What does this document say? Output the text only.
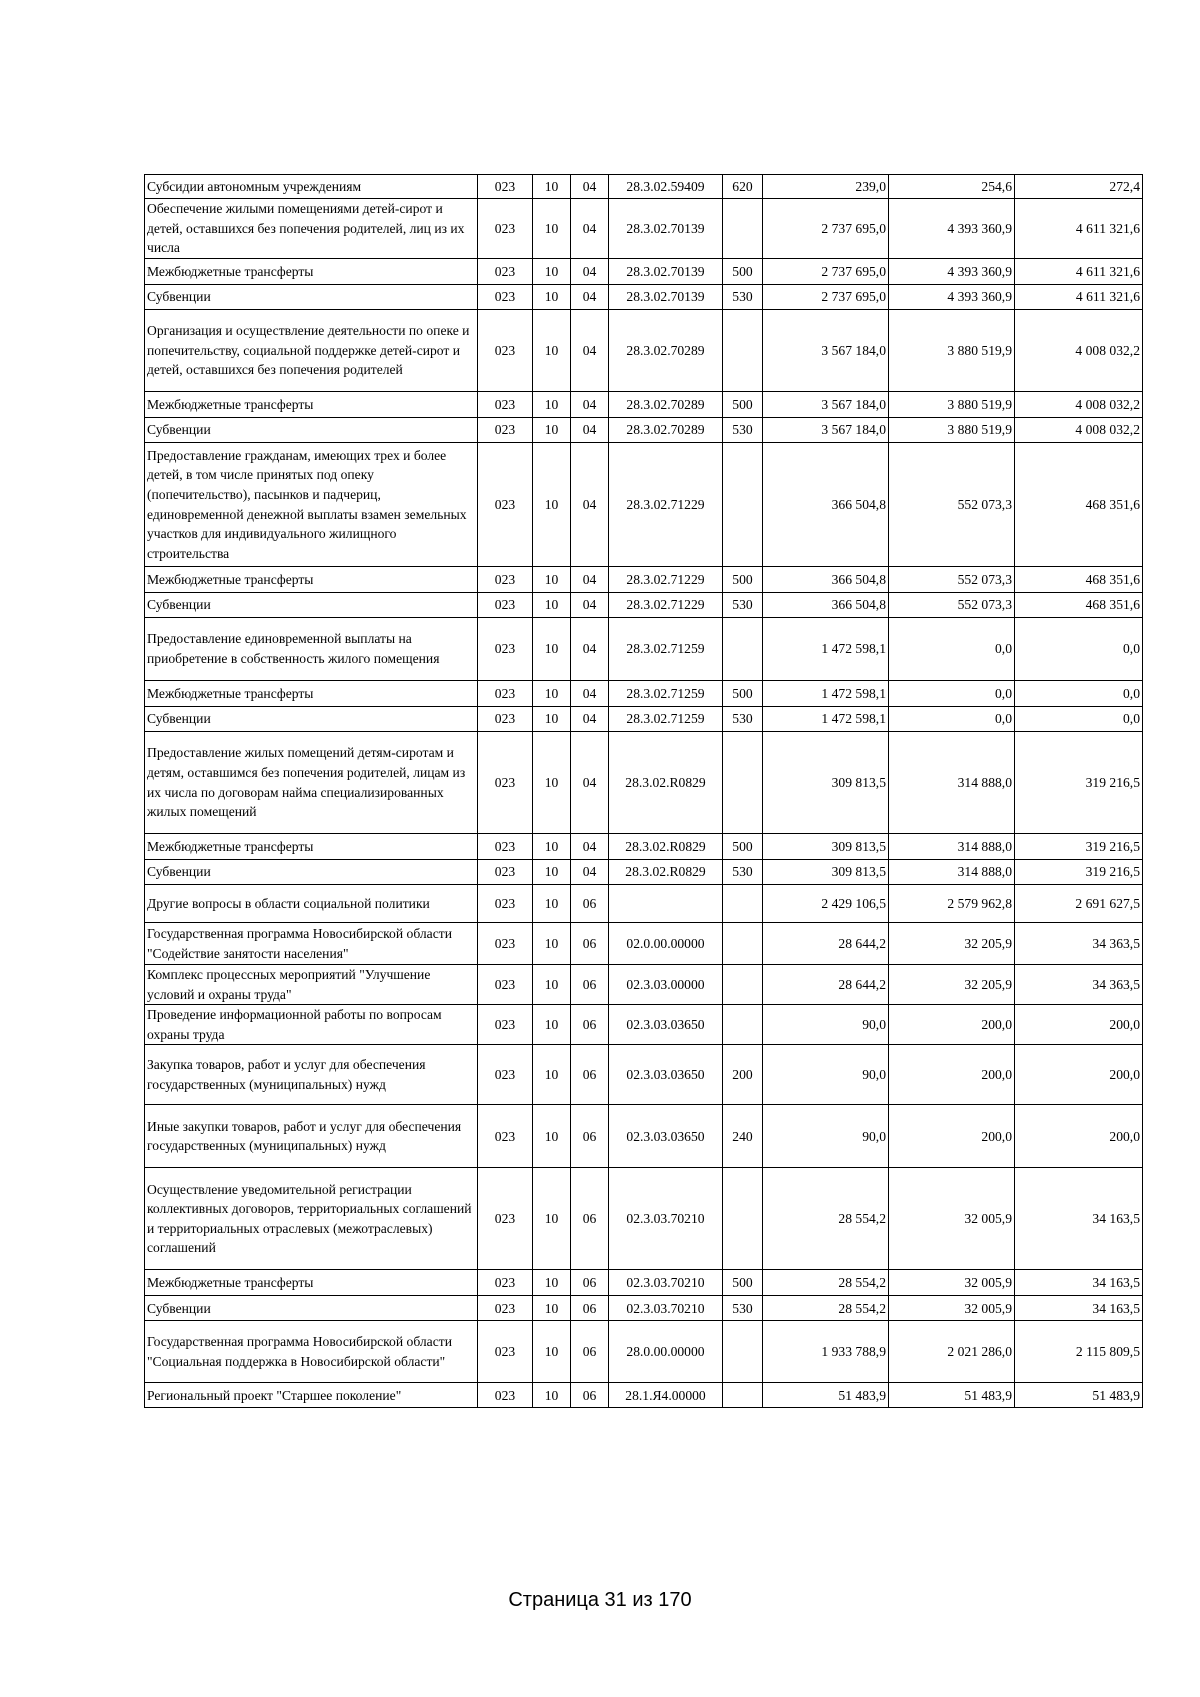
Субсидии автономным учреждениям	023	10	04	28.3.02.59409	620	239,0	254,6	272,4
Обеспечение жилыми помещениями детей-сирот и детей, оставшихся без попечения родителей, лиц из их числа	023	10	04	28.3.02.70139		2 737 695,0	4 393 360,9	4 611 321,6
Межбюджетные трансферты	023	10	04	28.3.02.70139	500	2 737 695,0	4 393 360,9	4 611 321,6
Субвенции	023	10	04	28.3.02.70139	530	2 737 695,0	4 393 360,9	4 611 321,6
Организация и осуществление деятельности по опеке и попечительству, социальной поддержке детей-сирот и детей, оставшихся без попечения родителей	023	10	04	28.3.02.70289		3 567 184,0	3 880 519,9	4 008 032,2
Межбюджетные трансферты	023	10	04	28.3.02.70289	500	3 567 184,0	3 880 519,9	4 008 032,2
Субвенции	023	10	04	28.3.02.70289	530	3 567 184,0	3 880 519,9	4 008 032,2
Предоставление гражданам, имеющих трех и более детей, в том числе принятых под опеку (попечительство), пасынков и падчериц, единовременной денежной выплаты взамен земельных участков для индивидуального жилищного строительства	023	10	04	28.3.02.71229		366 504,8	552 073,3	468 351,6
Межбюджетные трансферты	023	10	04	28.3.02.71229	500	366 504,8	552 073,3	468 351,6
Субвенции	023	10	04	28.3.02.71229	530	366 504,8	552 073,3	468 351,6
Предоставление единовременной выплаты на приобретение в собственность жилого помещения	023	10	04	28.3.02.71259		1 472 598,1	0,0	0,0
Межбюджетные трансферты	023	10	04	28.3.02.71259	500	1 472 598,1	0,0	0,0
Субвенции	023	10	04	28.3.02.71259	530	1 472 598,1	0,0	0,0
Предоставление жилых помещений детям-сиротам и детям, оставшимся без попечения родителей, лицам из их числа по договорам найма специализированных жилых помещений	023	10	04	28.3.02.R0829		309 813,5	314 888,0	319 216,5
Межбюджетные трансферты	023	10	04	28.3.02.R0829	500	309 813,5	314 888,0	319 216,5
Субвенции	023	10	04	28.3.02.R0829	530	309 813,5	314 888,0	319 216,5
Другие вопросы в области социальной политики	023	10	06			2 429 106,5	2 579 962,8	2 691 627,5
Государственная программа Новосибирской области "Содействие занятости населения"	023	10	06	02.0.00.00000		28 644,2	32 205,9	34 363,5
Комплекс процессных мероприятий "Улучшение условий и охраны труда"	023	10	06	02.3.03.00000		28 644,2	32 205,9	34 363,5
Проведение информационной работы по вопросам охраны труда	023	10	06	02.3.03.03650		90,0	200,0	200,0
Закупка товаров, работ и услуг для обеспечения государственных (муниципальных) нужд	023	10	06	02.3.03.03650	200	90,0	200,0	200,0
Иные закупки товаров, работ и услуг для обеспечения государственных (муниципальных) нужд	023	10	06	02.3.03.03650	240	90,0	200,0	200,0
Осуществление уведомительной регистрации коллективных договоров, территориальных соглашений и территориальных отраслевых (межотраслевых) соглашений	023	10	06	02.3.03.70210		28 554,2	32 005,9	34 163,5
Межбюджетные трансферты	023	10	06	02.3.03.70210	500	28 554,2	32 005,9	34 163,5
Субвенции	023	10	06	02.3.03.70210	530	28 554,2	32 005,9	34 163,5
Государственная программа Новосибирской области "Социальная поддержка в Новосибирской области"	023	10	06	28.0.00.00000		1 933 788,9	2 021 286,0	2 115 809,5
Региональный проект "Старшее поколение"	023	10	06	28.1.Я4.00000		51 483,9	51 483,9	51 483,9
Страница 31 из 170
